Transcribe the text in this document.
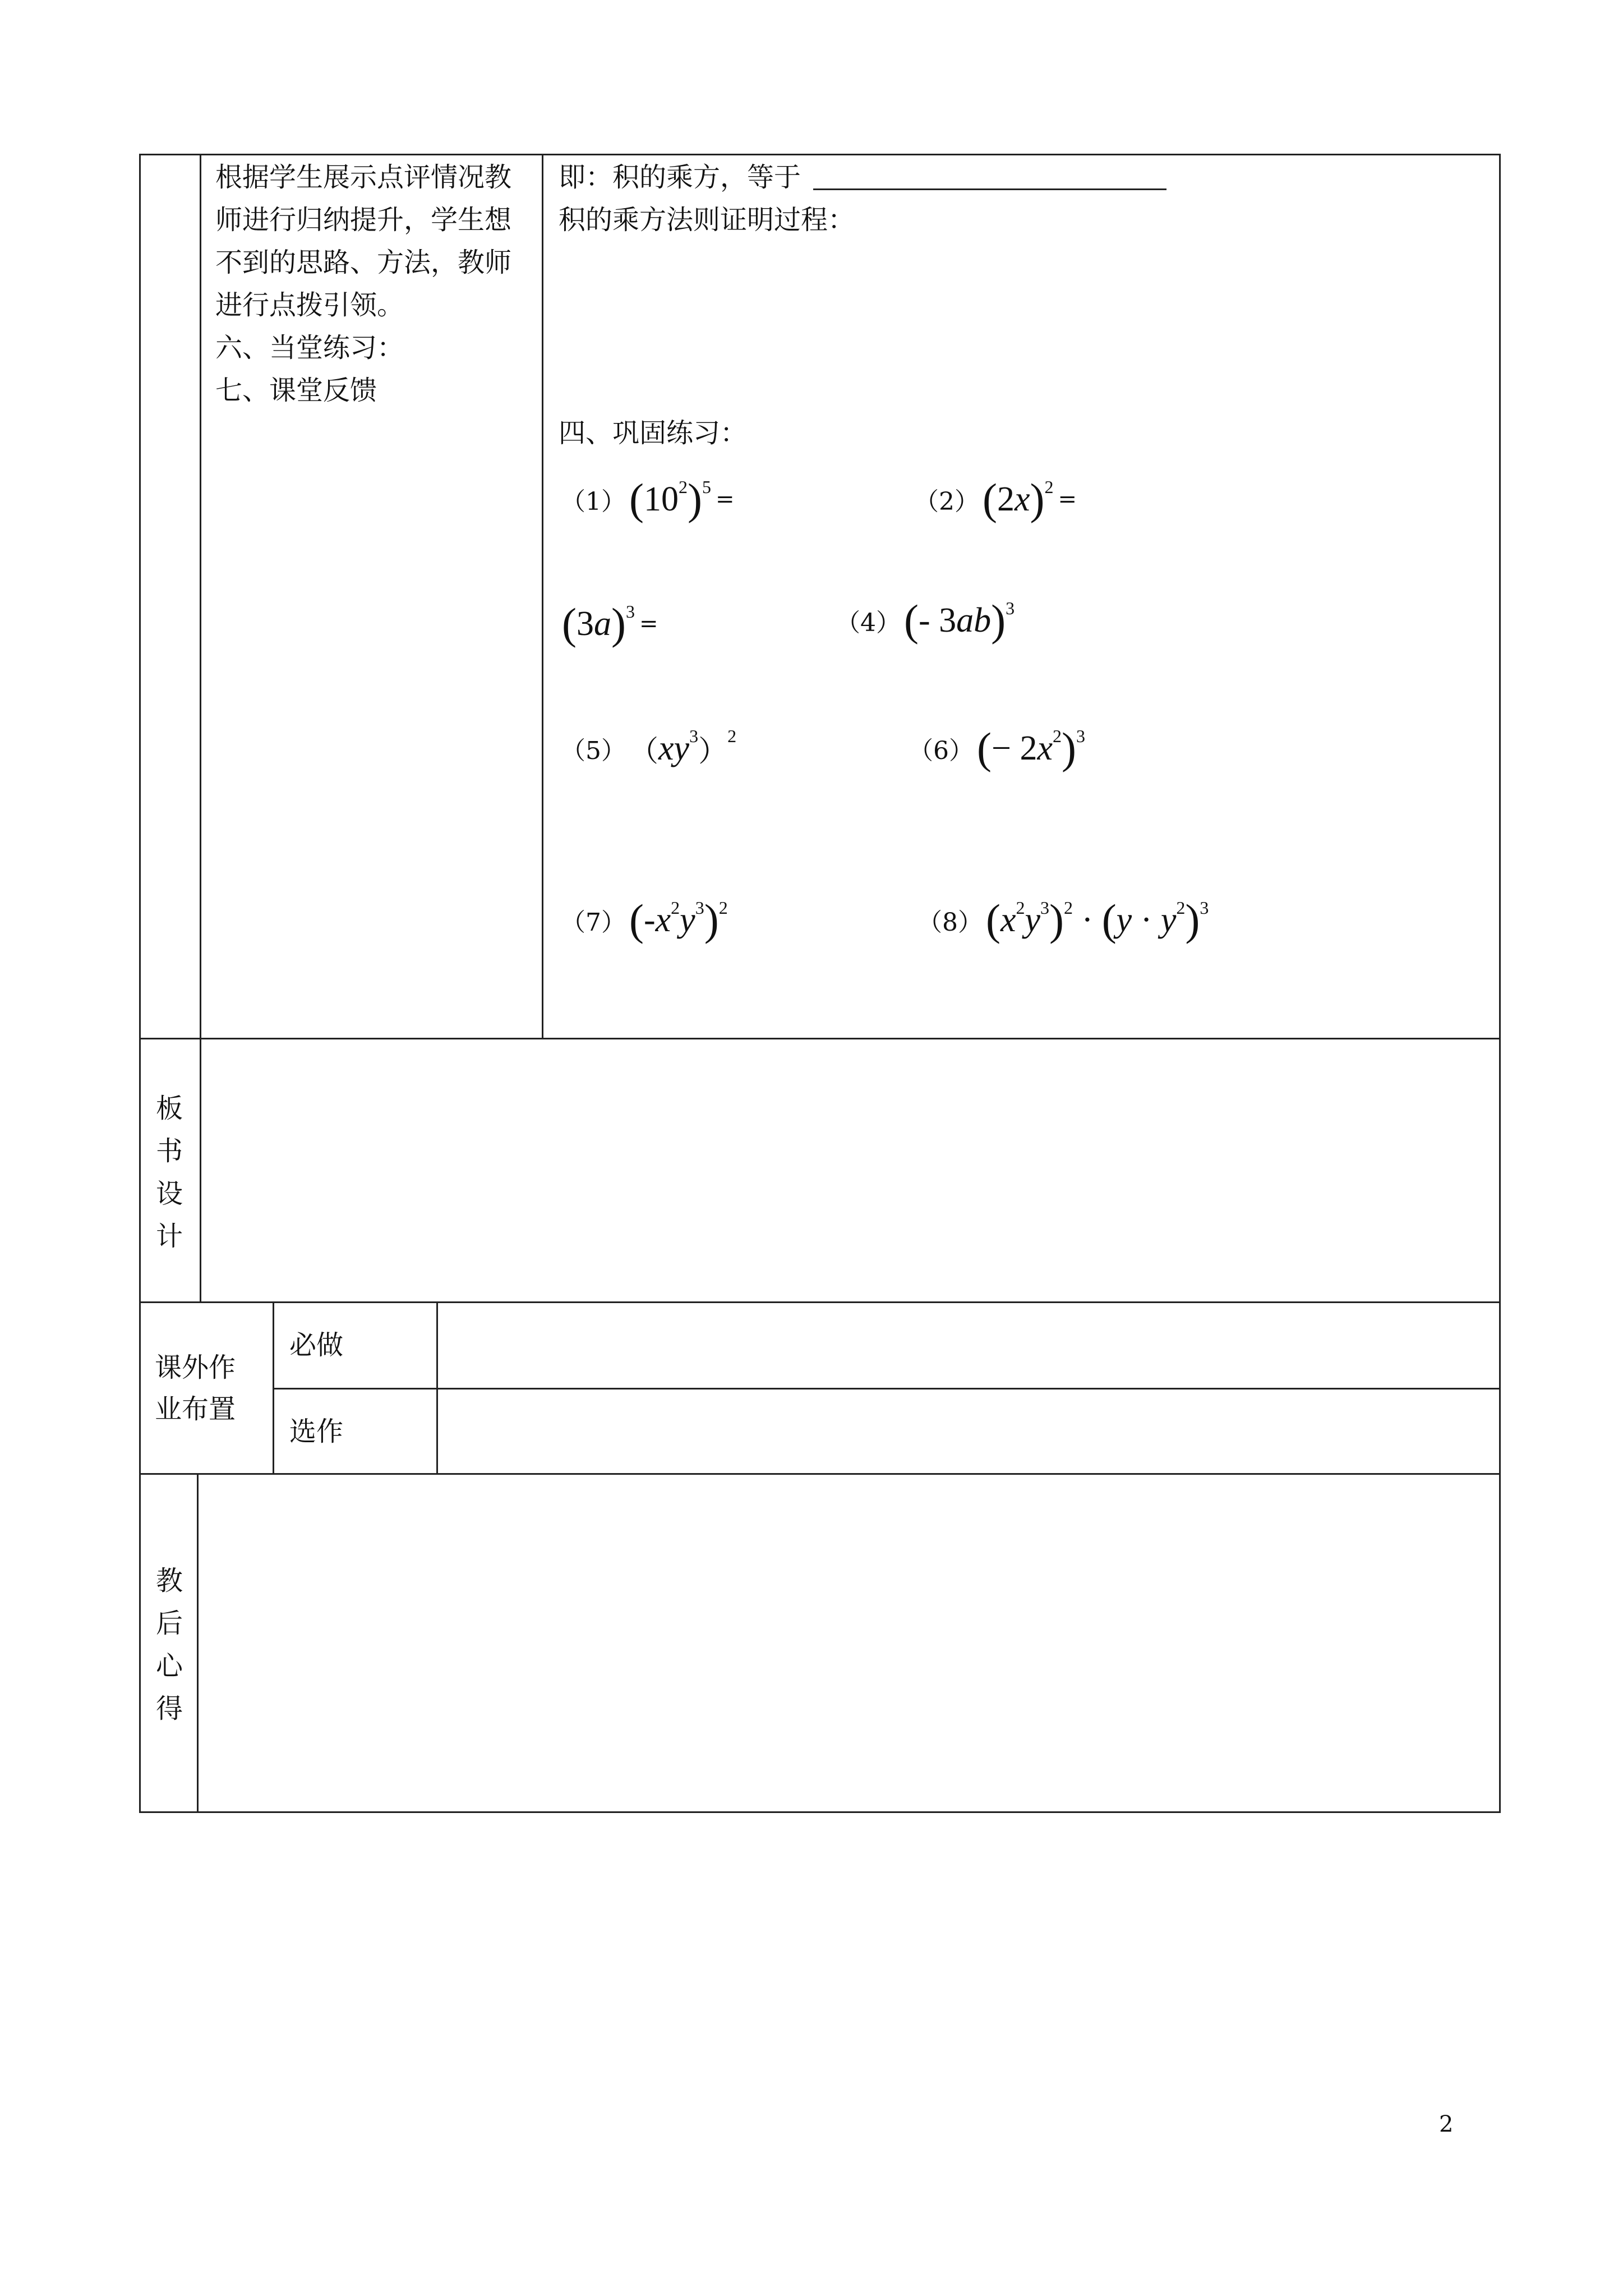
根据学生展示点评情况教
师进行归纳提升，学生想
不到的思路、方法，教师
进行点拨引领。
六、当堂练习：
七、课堂反馈
即：积的乘方，等于
积的乘方法则证明过程：
四、巩固练习：
（1） ( $10^2$ )$^5$ =	（2） ( 2 x )$^2$ =
( 3 a )$^3$ =	（4） ( - 3 ab )$^3$
（5） （ $xy^3$ ）$^2$
（6） ( − 2 $x^2$ )$^3$
（7） ( - $x^2$ $y^3$ )$^2$
（8） ( $x^2$ $y^3$ )$^2$ · ( $y \cdot y^2$ )$^3$
板
书
设
计
课外作
业布置
必做
选作
教
后
心
得
2
